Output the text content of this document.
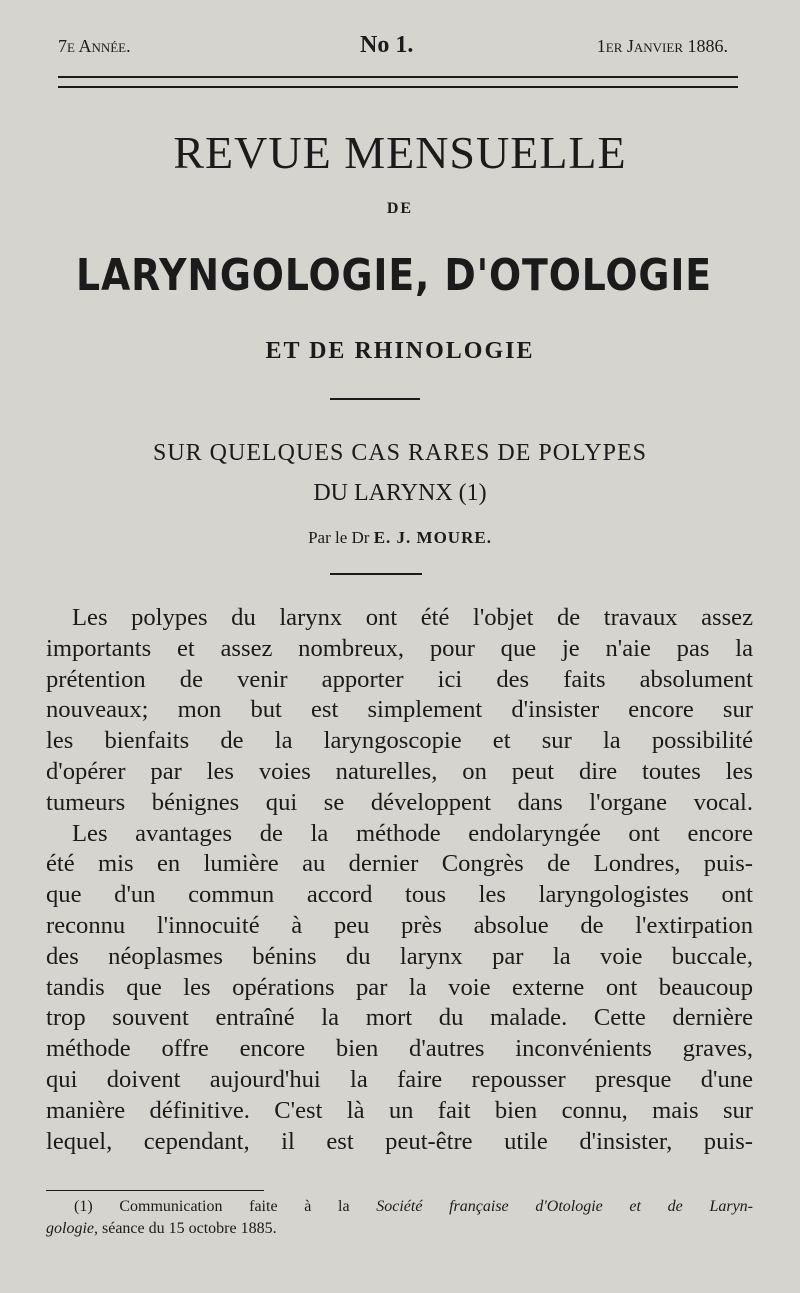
7e Année.	No 1.	1er Janvier 1886.
REVUE MENSUELLE
DE
LARYNGOLOGIE, D'OTOLOGIE
ET DE RHINOLOGIE
SUR QUELQUES CAS RARES DE POLYPES
DU LARYNX (1)
Par le Dr E. J. MOURE.
Les polypes du larynx ont été l'objet de travaux assez
importants et assez nombreux, pour que je n'aie pas la
prétention de venir apporter ici des faits absolument
nouveaux; mon but est simplement d'insister encore sur
les bienfaits de la laryngoscopie et sur la possibilité
d'opérer par les voies naturelles, on peut dire toutes les
tumeurs bénignes qui se développent dans l'organe vocal.
Les avantages de la méthode endolaryngée ont encore
été mis en lumière au dernier Congrès de Londres, puis-
que d'un commun accord tous les laryngologistes ont
reconnu l'innocuité à peu près absolue de l'extirpation
des néoplasmes bénins du larynx par la voie buccale,
tandis que les opérations par la voie externe ont beaucoup
trop souvent entraîné la mort du malade. Cette dernière
méthode offre encore bien d'autres inconvénients graves,
qui doivent aujourd'hui la faire repousser presque d'une
manière définitive. C'est là un fait bien connu, mais sur
lequel, cependant, il est peut-être utile d'insister, puis-
(1) Communication faite à la Société française d'Otologie et de Laryn-
gologie, séance du 15 octobre 1885.
